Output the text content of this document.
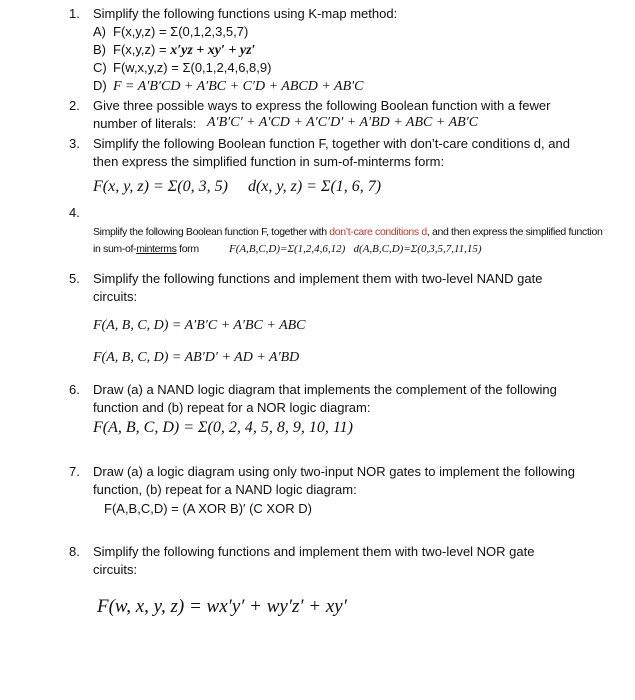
1. Simplify the following functions using K-map method:
A) F(x,y,z) = Σ(0,1,2,3,5,7)
B) F(x,y,z) = x′yz + xy′ + yz′
C) F(w,x,y,z) = Σ(0,1,2,4,6,8,9)
D) F = A′B′CD + A′BC + C′D + ABCD + AB′C
2. Give three possible ways to express the following Boolean function with a fewer
number of literals: A′B′C′ + A′CD + A′C′D′ + A′BD + ABC + AB′C
3. Simplify the following Boolean function F, together with don’t-care conditions d, and
then express the simplified function in sum-of-minterms form:
F(x, y, z) = Σ(0, 3, 5)     d(x, y, z) = Σ(1, 6, 7)
4.
Simplify the following Boolean function F, together with don’t-care conditions d, and then express the simplified function
in sum-of-minterms form	F(A,B,C,D)=Σ(1,2,4,6,12)   d(A,B,C,D)=Σ(0,3,5,7,11,15)
5. Simplify the following functions and implement them with two-level NAND gate
circuits:
F(A, B, C, D) = A′B′C + A′BC + ABC
F(A, B, C, D) = AB′D′ + AD + A′BD
6. Draw (a) a NAND logic diagram that implements the complement of the following
function and (b) repeat for a NOR logic diagram:
F(A, B, C, D) = Σ(0, 2, 4, 5, 8, 9, 10, 11)
7. Draw (a) a logic diagram using only two-input NOR gates to implement the following
function, (b) repeat for a NAND logic diagram:
F(A,B,C,D) = (A XOR B)′ (C XOR D)
8. Simplify the following functions and implement them with two-level NOR gate
circuits:
F(w, x, y, z) = wx′y′ + wy′z′ + xy′
